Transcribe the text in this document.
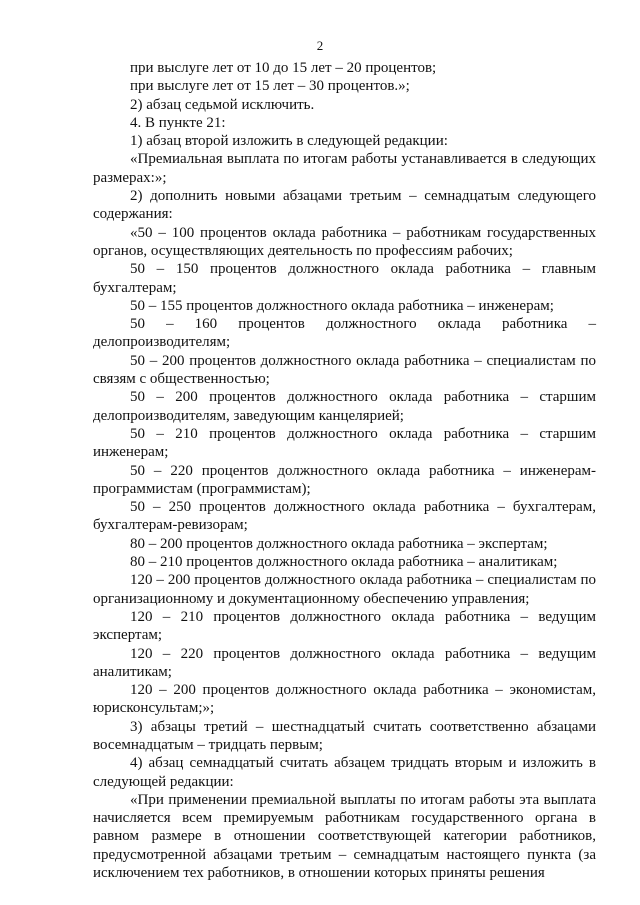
2

при выслуге лет от 10 до 15 лет – 20 процентов;

при выслуге лет от 15 лет – 30 процентов.»;

2) абзац седьмой исключить.

4. В пункте 21:

1) абзац второй изложить в следующей редакции:

«Премиальная выплата по итогам работы устанавливается в следующих размерах:»;

2) дополнить новыми абзацами третьим – семнадцатым следующего содержания:

«50 – 100 процентов оклада работника – работникам государственных органов, осуществляющих деятельность по профессиям рабочих;

50 – 150 процентов должностного оклада работника – главным бухгалтерам;

50 – 155 процентов должностного оклада работника – инженерам;

50 – 160 процентов должностного оклада работника – делопроизводителям;

50 – 200 процентов должностного оклада работника – специалистам по связям с общественностью;

50 – 200 процентов должностного оклада работника – старшим делопроизводителям, заведующим канцелярией;

50 – 210 процентов должностного оклада работника – старшим инженерам;

50 – 220 процентов должностного оклада работника – инженерам-программистам (программистам);

50 – 250 процентов должностного оклада работника – бухгалтерам, бухгалтерам-ревизорам;

80 – 200 процентов должностного оклада работника – экспертам;

80 – 210 процентов должностного оклада работника – аналитикам;

120 – 200 процентов должностного оклада работника – специалистам по организационному и документационному обеспечению управления;

120 – 210 процентов должностного оклада работника – ведущим экспертам;

120 – 220 процентов должностного оклада работника – ведущим аналитикам;

120 – 200 процентов должностного оклада работника – экономистам, юрисконсультам;»;

3) абзацы третий – шестнадцатый считать соответственно абзацами восемнадцатым – тридцать первым;

4) абзац семнадцатый считать абзацем тридцать вторым и изложить в следующей редакции:

«При применении премиальной выплаты по итогам работы эта выплата начисляется всем премируемым работникам государственного органа в равном размере в отношении соответствующей категории работников, предусмотренной абзацами третьим – семнадцатым настоящего пункта (за исключением тех работников, в отношении которых приняты решения
